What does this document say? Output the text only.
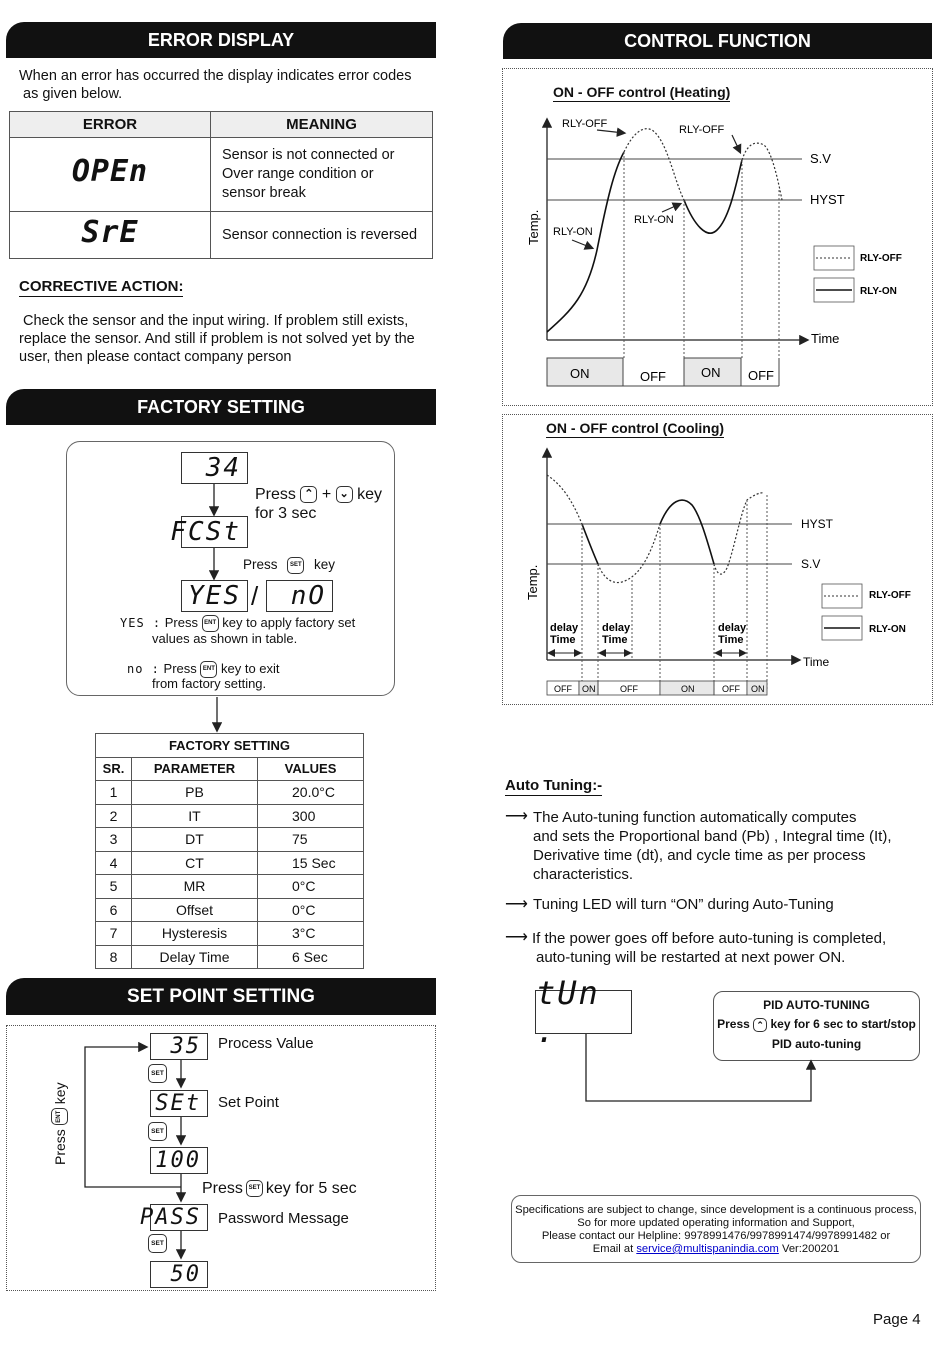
ERROR DISPLAY
When an error has occurred the display indicates error codes
as given below.
ERROR	MEANING
OPEn	Sensor is not connected or
Over range condition or
sensor break

SrE	Sensor connection is reversed
CORRECTIVE ACTION:
Check the sensor and the input wiring. If problem still exists,
replace the sensor. And still if problem is not solved yet by the
user, then please contact company person
FACTORY SETTING
34
Press ⌃ + ⌄ key
for 3 sec
FCSt
Press SET key
YES /	nO
YES : Press ENT key to apply factory set
values as shown in table.
no : Press ENT key to exit
from factory setting.
FACTORY SETTING		
SR.	PARAMETER	VALUES
1	PB	20.0°C
2	IT	300
3	DT	75
4	CT	15 Sec
5	MR	0°C
6	Offset	0°C
7	Hysteresis	3°C
8	Delay Time	6 Sec
SET POINT SETTING
35	Process Value
SET
SEt	Set Point
SET
100
Press SET key for 5 sec
PASS	Password Message
SET
50
Press
ENT
key
CONTROL FUNCTION
ON - OFF control (Heating)
RLY-OFF	RLY-OFF
RLY-ON
RLY-ON
S.V
HYST
Time
Temp.
ON	OFF	ON OFF
RLY-OFF
RLY-ON
ON - OFF control (Cooling)
delay
Time
delay
Time
delay
Time
HYST
S.V
Time
Temp.
OFF ON	OFF	ON	OFF ON
RLY-OFF
RLY-ON
Auto Tuning:-
⟶ The Auto-tuning function automatically computes
and sets the Proportional band (Pb) , Integral time (It),
Derivative time (dt), and cycle time as per process
characteristics.
⟶ Tuning LED will turn “ON” during Auto-Tuning
⟶ If the power goes off before auto-tuning is completed,
auto-tuning will be restarted at next power ON.
tUn .
PID AUTO-TUNING
Press ⌃ key for 6 sec to start/stop
PID auto-tuning
Specifications are subject to change, since development is a continuous process,
So for more updated operating information and Support,
Please contact our Helpline: 9978991476/9978991474/9978991482 or
Email at service@multispanindia.com Ver:200201
Page 4
